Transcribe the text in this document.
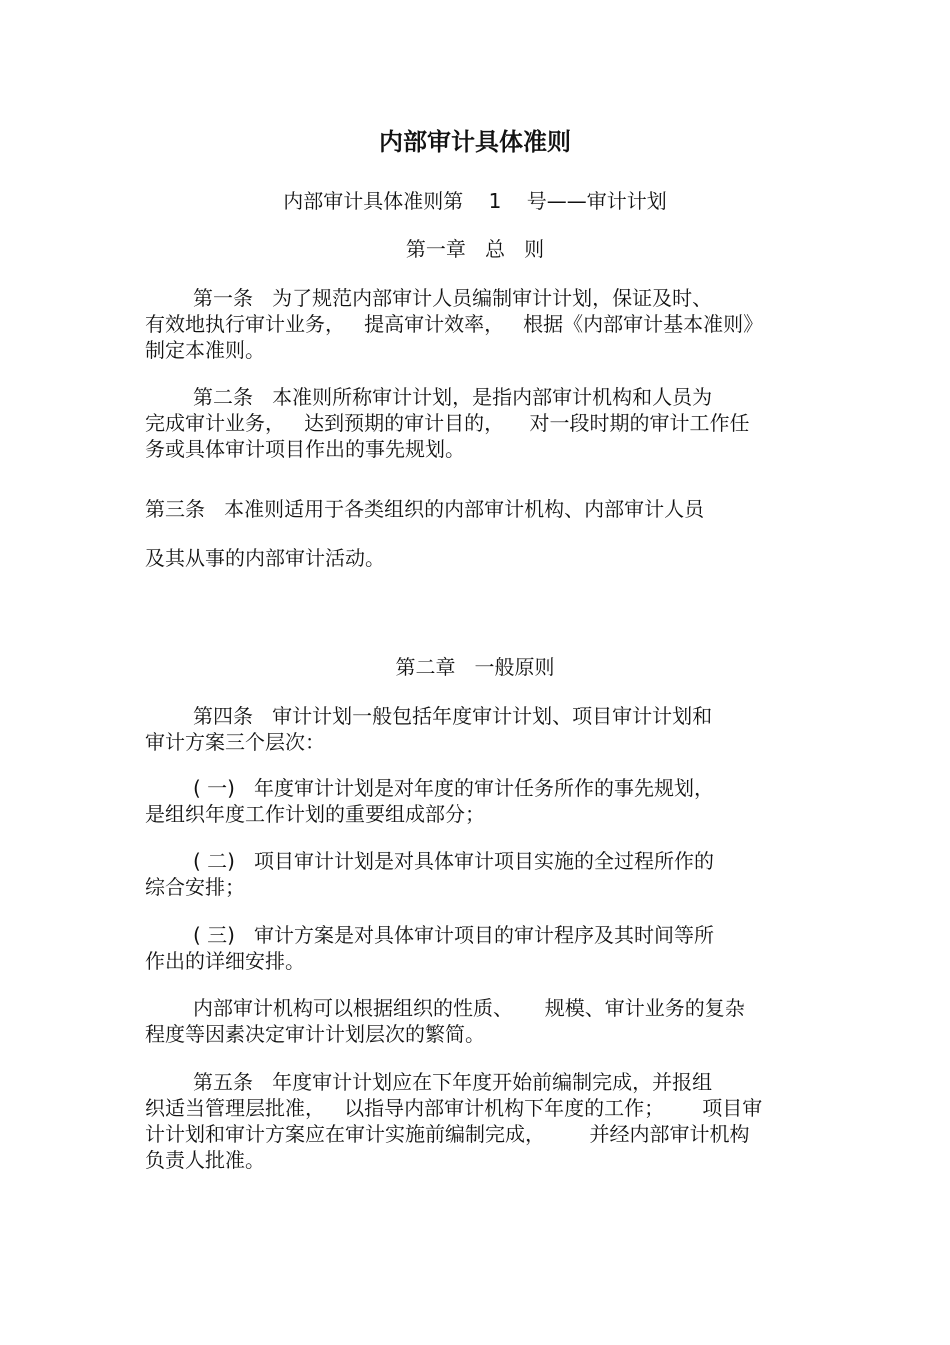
内部审计具体准则

内部审计具体准则第    1    号——审计计划

第一章   总   则

第一条   为了规范内部审计人员编制审计计划，保证及时、

有效地执行审计业务，   提高审计效率，   根据《内部审计基本准则》

制定本准则。

第二条   本准则所称审计计划，是指内部审计机构和人员为

完成审计业务，   达到预期的审计目的，    对一段时期的审计工作任

务或具体审计项目作出的事先规划。

第三条   本准则适用于各类组织的内部审计机构、内部审计人员

及其从事的内部审计活动。

第二章   一般原则

第四条   审计计划一般包括年度审计计划、项目审计计划和

审计方案三个层次：

( 一)   年度审计计划是对年度的审计任务所作的事先规划，

是组织年度工作计划的重要组成部分；

( 二)   项目审计计划是对具体审计项目实施的全过程所作的

综合安排；

( 三)   审计方案是对具体审计项目的审计程序及其时间等所

作出的详细安排。

内部审计机构可以根据组织的性质、     规模、审计业务的复杂

程度等因素决定审计计划层次的繁简。

第五条   年度审计计划应在下年度开始前编制完成，并报组

织适当管理层批准，   以指导内部审计机构下年度的工作；      项目审

计计划和审计方案应在审计实施前编制完成，       并经内部审计机构

负责人批准。
